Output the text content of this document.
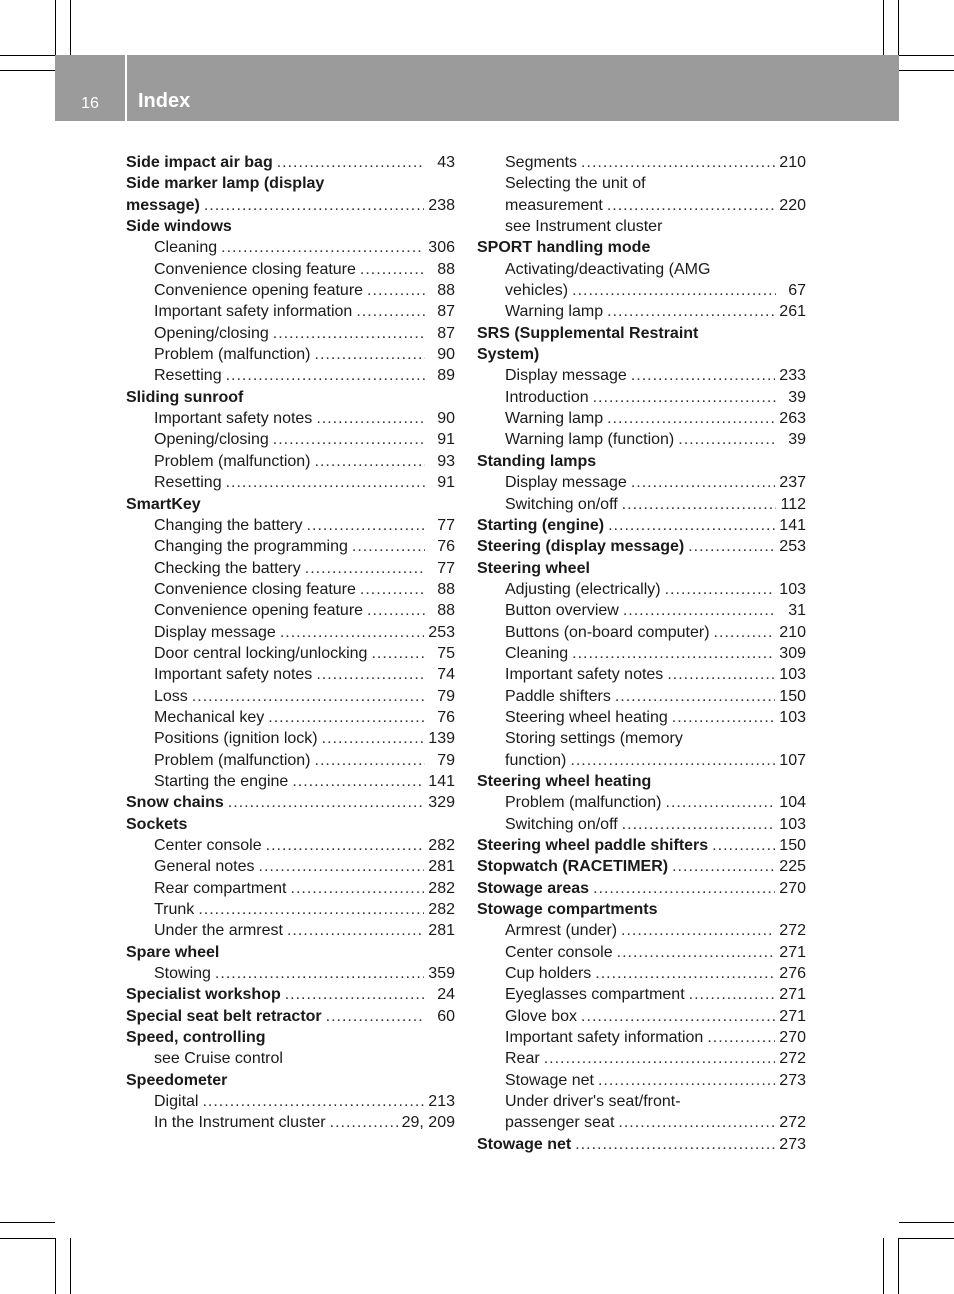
16	Index
Side impact air bag .....	43
Side marker lamp (display
message) .....	238
Side windows
Cleaning .....	306
Convenience closing feature .....	88
Convenience opening feature .....	88
Important safety information .....	87
Opening/closing .....	87
Problem (malfunction) .....	90
Resetting .....	89
Sliding sunroof
Important safety notes .....	90
Opening/closing .....	91
Problem (malfunction) .....	93
Resetting .....	91
SmartKey
Changing the battery .....	77
Changing the programming .....	76
Checking the battery .....	77
Convenience closing feature .....	88
Convenience opening feature .....	88
Display message .....	253
Door central locking/unlocking .....	75
Important safety notes .....	74
Loss .....	79
Mechanical key .....	76
Positions (ignition lock) .....	139
Problem (malfunction) .....	79
Starting the engine .....	141
Snow chains .....	329
Sockets
Center console .....	282
General notes .....	281
Rear compartment .....	282
Trunk .....	282
Under the armrest .....	281
Spare wheel
Stowing .....	359
Specialist workshop .....	24
Special seat belt retractor .....	60
Speed, controlling
see Cruise control
Speedometer
Digital .....	213
In the Instrument cluster .....	29, 209
Segments .....	210
Selecting the unit of
measurement .....	220
see Instrument cluster
SPORT handling mode
Activating/deactivating (AMG
vehicles) .....	67
Warning lamp .....	261
SRS (Supplemental Restraint
System)
Display message .....	233
Introduction .....	39
Warning lamp .....	263
Warning lamp (function) .....	39
Standing lamps
Display message .....	237
Switching on/off .....	112
Starting (engine) .....	141
Steering (display message) .....	253
Steering wheel
Adjusting (electrically) .....	103
Button overview .....	31
Buttons (on-board computer) .....	210
Cleaning .....	309
Important safety notes .....	103
Paddle shifters .....	150
Steering wheel heating .....	103
Storing settings (memory
function) .....	107
Steering wheel heating
Problem (malfunction) .....	104
Switching on/off .....	103
Steering wheel paddle shifters .....	150
Stopwatch (RACETIMER) .....	225
Stowage areas .....	270
Stowage compartments
Armrest (under) .....	272
Center console .....	271
Cup holders .....	276
Eyeglasses compartment .....	271
Glove box .....	271
Important safety information .....	270
Rear .....	272
Stowage net .....	273
Under driver's seat/front-
passenger seat .....	272
Stowage net .....	273
